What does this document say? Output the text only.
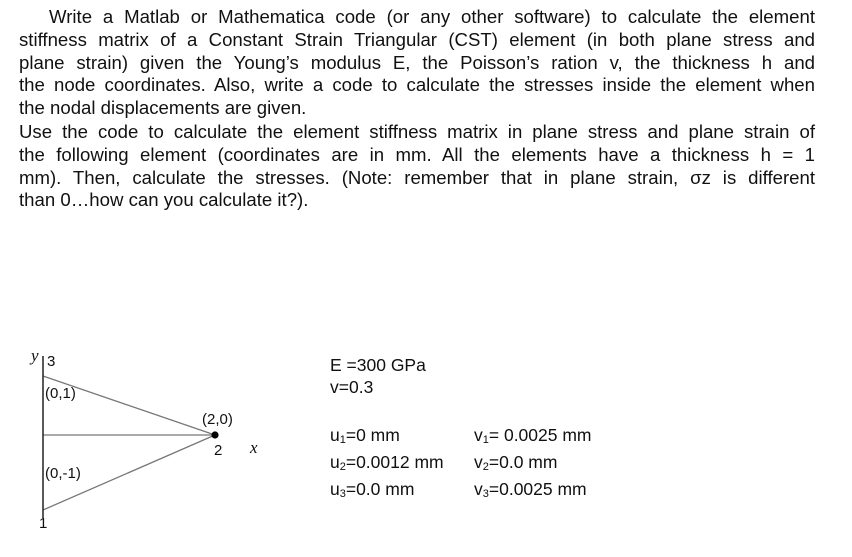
Write a Matlab or Mathematica code (or any other software) to calculate the element
stiffness matrix of a Constant Strain Triangular (CST) element (in both plane stress and
plane strain) given the Young’s modulus E, the Poisson’s ration v, the thickness h and
the node coordinates. Also, write a code to calculate the stresses inside the element when
the nodal displacements are given.
Use the code to calculate the element stiffness matrix in plane stress and plane strain of
the following element (coordinates are in mm. All the elements have a thickness h = 1
mm). Then, calculate the stresses. (Note: remember that in plane strain, σz is different
than 0…how can you calculate it?).
y 3
(0,1)
(2,0)
2 x
(0,-1)
1
E =300 GPa
v=0.3
$u_1=0$ mm
$u_2=0.0012$ mm
$u_3=0.0$ mm
$v_1= 0.0025$ mm
$v_2=0.0$ mm
$v_3=0.0025$ mm
